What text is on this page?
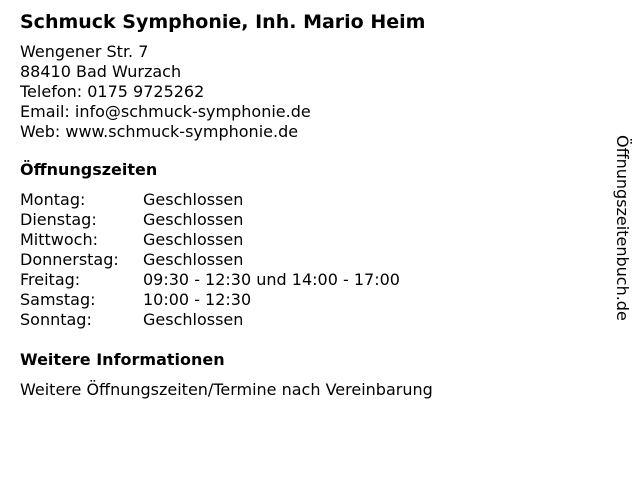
Schmuck Symphonie, Inh. Mario Heim
Wengener Str. 7
88410 Bad Wurzach
Telefon: 0175 9725262
Email: info@schmuck-symphonie.de
Web: www.schmuck-symphonie.de
Öffnungszeiten
Montag:	Geschlossen
Dienstag:	Geschlossen
Mittwoch:	Geschlossen
Donnerstag:	Geschlossen
Freitag:	09:30 - 12:30 und 14:00 - 17:00
Samstag:	10:00 - 12:30
Sonntag:	Geschlossen
Weitere Informationen
Weitere Öffnungszeiten/Termine nach Vereinbarung
Öffnungszeitenbuch.de
